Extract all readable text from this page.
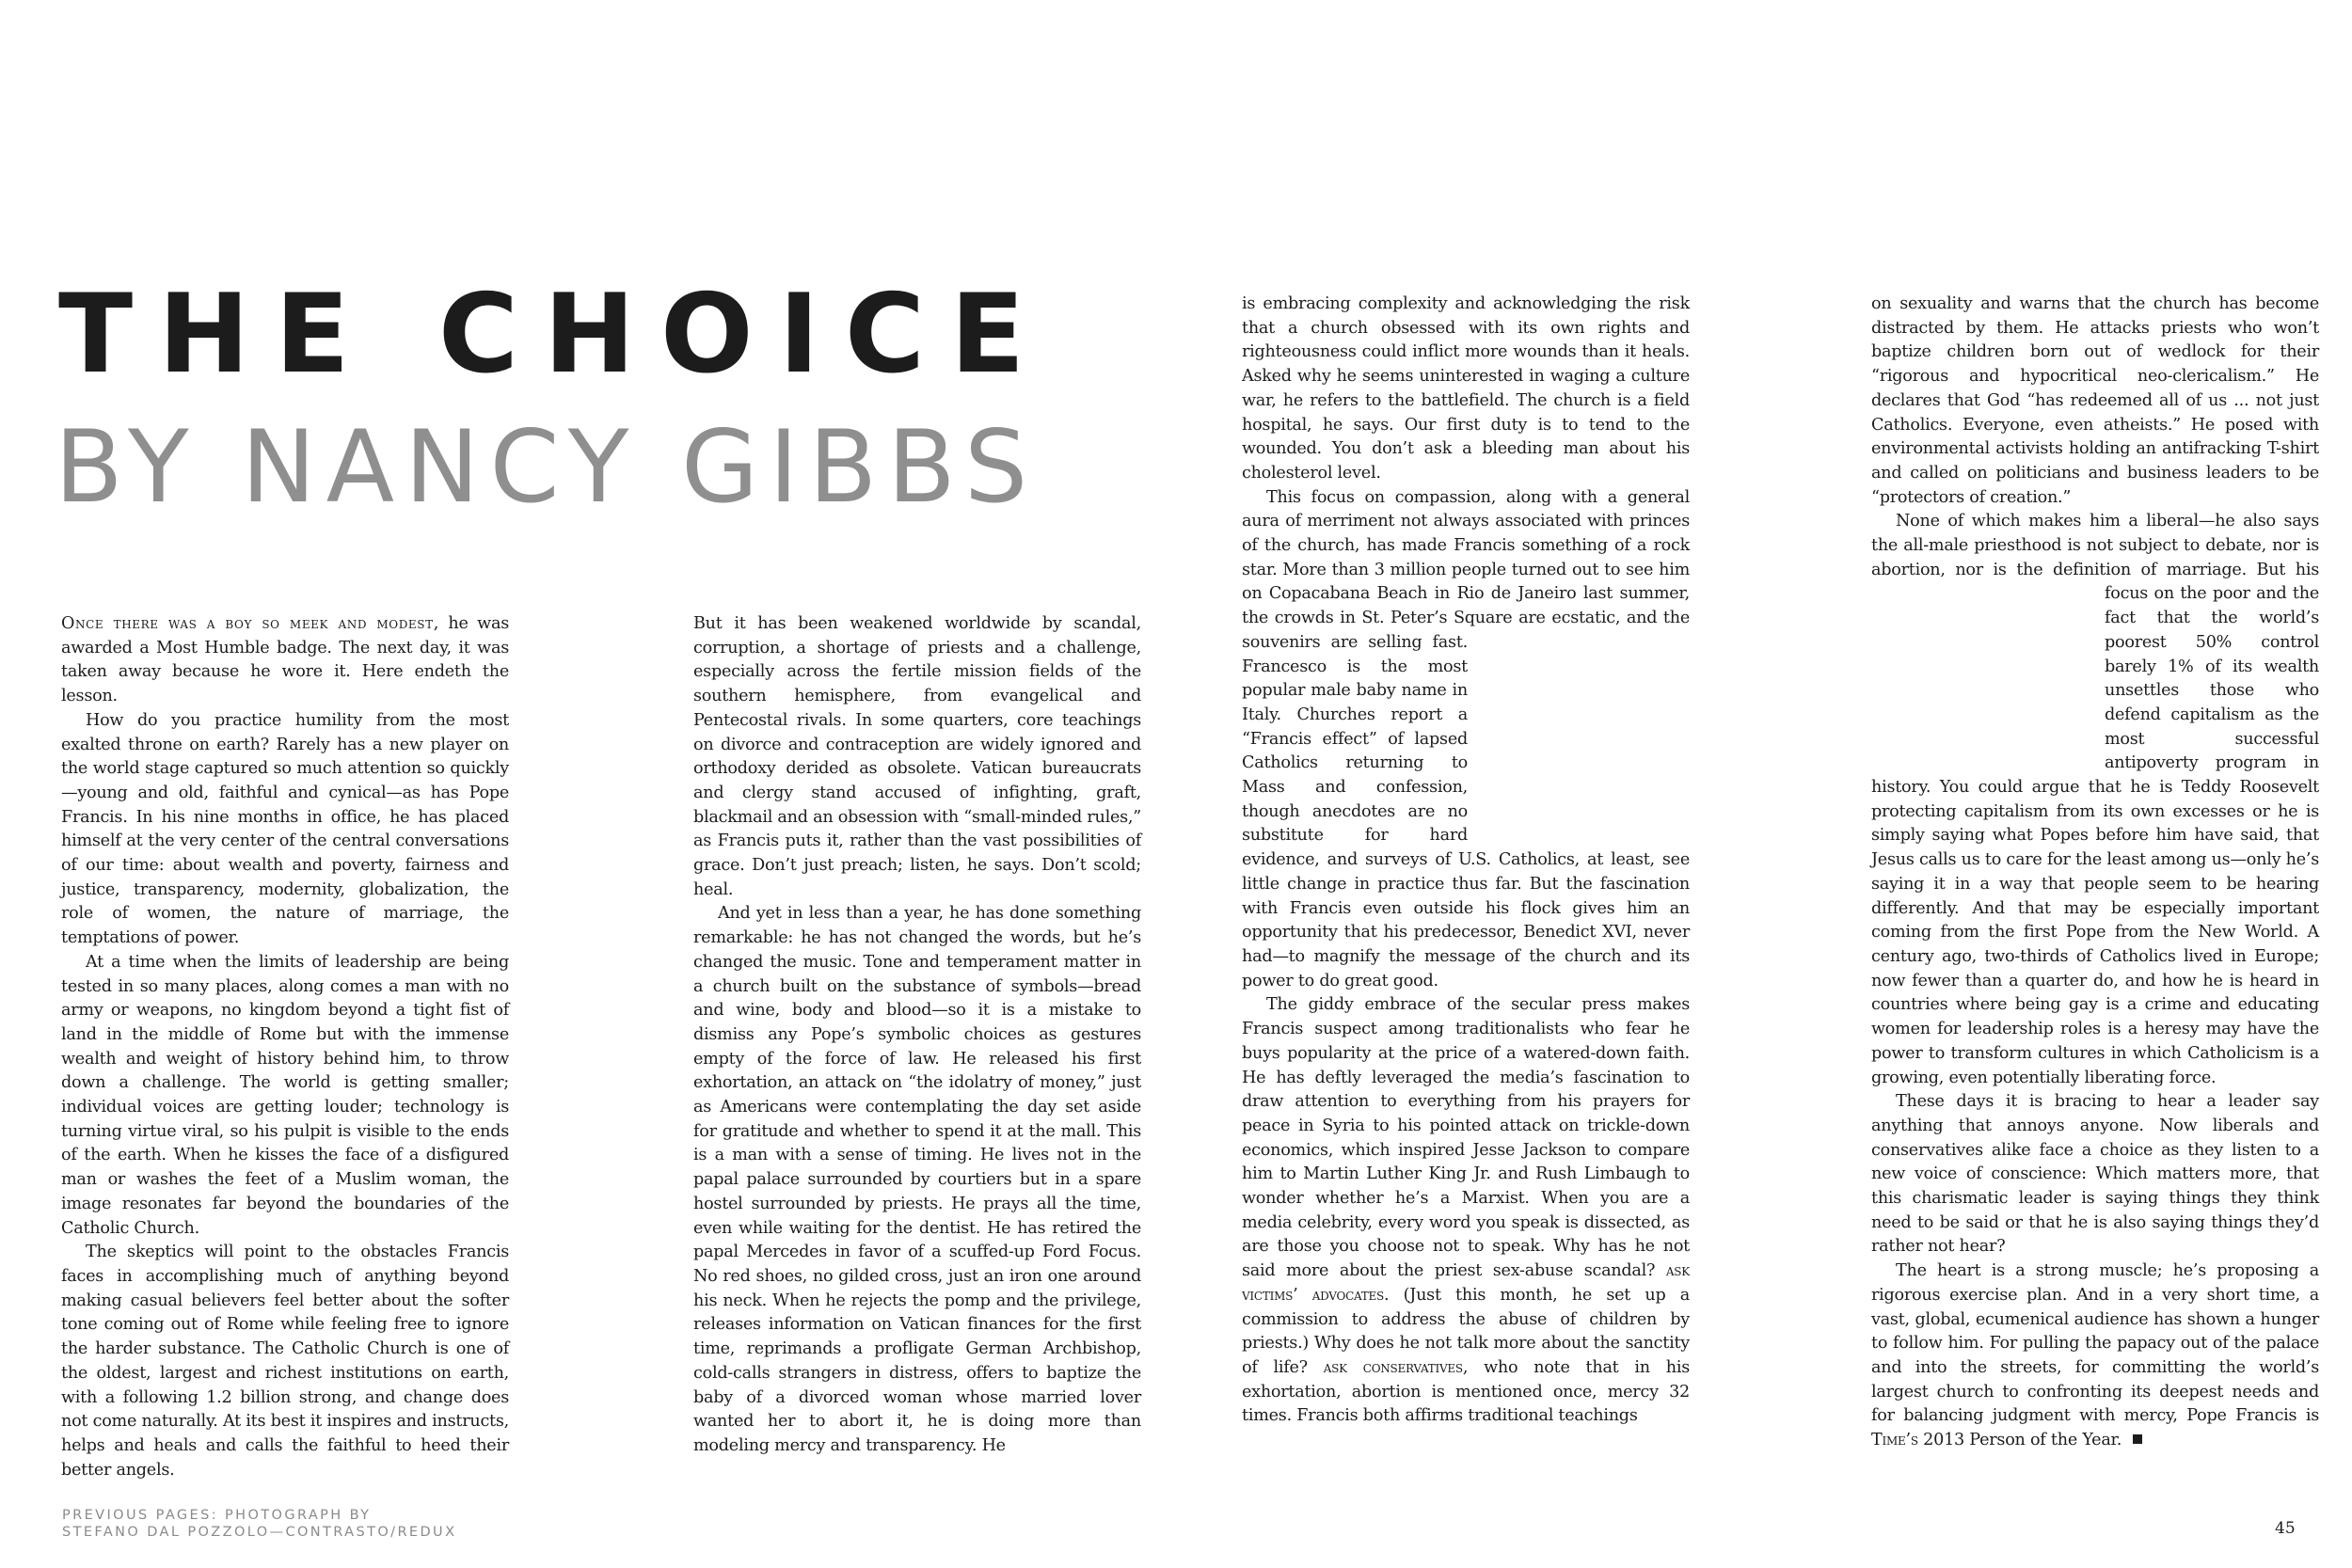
THE CHOICE
BY NANCY GIBBS

Once there was a boy so meek and modest, he was awarded a Most Humble badge. The next day, it was taken away because he wore it. Here endeth the lesson.

How do you practice humility from the most exalted throne on earth? Rarely has a new player on the world stage captured so much attention so quickly—young and old, faithful and cynical—as has Pope Francis. In his nine months in office, he has placed himself at the very center of the central conversations of our time: about wealth and poverty, fairness and justice, transparency, modernity, globalization, the role of women, the nature of marriage, the temptations of power.

At a time when the limits of leadership are being tested in so many places, along comes a man with no army or weapons, no kingdom beyond a tight fist of land in the middle of Rome but with the immense wealth and weight of history behind him, to throw down a challenge. The world is getting smaller; individual voices are getting louder; technology is turning virtue viral, so his pulpit is visible to the ends of the earth. When he kisses the face of a disfigured man or washes the feet of a Muslim woman, the image resonates far beyond the boundaries of the Catholic Church.

The skeptics will point to the obstacles Francis faces in accomplishing much of anything beyond making casual believers feel better about the softer tone coming out of Rome while feeling free to ignore the harder substance. The Catholic Church is one of the oldest, largest and richest institutions on earth, with a following 1.2 billion strong, and change does not come naturally. At its best it inspires and instructs, helps and heals and calls the faithful to heed their better angels.

But it has been weakened worldwide by scandal, corruption, a shortage of priests and a challenge, especially across the fertile mission fields of the southern hemisphere, from evangelical and Pentecostal rivals. In some quarters, core teachings on divorce and contraception are widely ignored and orthodoxy derided as obsolete. Vatican bureaucrats and clergy stand accused of infighting, graft, blackmail and an obsession with “small-minded rules,” as Francis puts it, rather than the vast possibilities of grace. Don’t just preach; listen, he says. Don’t scold; heal.

And yet in less than a year, he has done something remarkable: he has not changed the words, but he’s changed the music. Tone and temperament matter in a church built on the substance of symbols—bread and wine, body and blood—so it is a mistake to dismiss any Pope’s symbolic choices as gestures empty of the force of law. He released his first exhortation, an attack on “the idolatry of money,” just as Americans were contemplating the day set aside for gratitude and whether to spend it at the mall. This is a man with a sense of timing. He lives not in the papal palace surrounded by courtiers but in a spare hostel surrounded by priests. He prays all the time, even while waiting for the dentist. He has retired the papal Mercedes in favor of a scuffed-up Ford Focus. No red shoes, no gilded cross, just an iron one around his neck. When he rejects the pomp and the privilege, releases information on Vatican finances for the first time, reprimands a profligate German Archbishop, cold-calls strangers in distress, offers to baptize the baby of a divorced woman whose married lover wanted her to abort it, he is doing more than modeling mercy and transparency. He

is embracing complexity and acknowledging the risk that a church obsessed with its own rights and righteousness could inflict more wounds than it heals. Asked why he seems uninterested in waging a culture war, he refers to the battlefield. The church is a field hospital, he says. Our first duty is to tend to the wounded. You don’t ask a bleeding man about his cholesterol level.

This focus on compassion, along with a general aura of merriment not always associated with princes of the church, has made Francis something of a rock star. More than 3 million people turned out to see him on Copacabana Beach in Rio de Janeiro last summer, the crowds in St. Peter’s Square are ecstatic, and the souvenirs are selling fast. Francesco is the most popular male baby name in Italy. Churches report a “Francis effect” of lapsed Catholics returning to Mass and confession, though anecdotes are no substitute for hard evidence, and surveys of U.S. Catholics, at least, see little change in practice thus far. But the fascination with Francis even outside his flock gives him an opportunity that his predecessor, Benedict XVI, never had—to magnify the message of the church and its power to do great good.

The giddy embrace of the secular press makes Francis suspect among traditionalists who fear he buys popularity at the price of a watered-down faith. He has deftly leveraged the media’s fascination to draw attention to everything from his prayers for peace in Syria to his pointed attack on trickle-down economics, which inspired Jesse Jackson to compare him to Martin Luther King Jr. and Rush Limbaugh to wonder whether he’s a Marxist. When you are a media celebrity, every word you speak is dissected, as are those you choose not to speak. Why has he not said more about the priest sex-abuse scandal? ask victims’ advocates. (Just this month, he set up a commission to address the abuse of children by priests.) Why does he not talk more about the sanctity of life? ask conservatives, who note that in his exhortation, abortion is mentioned once, mercy 32 times. Francis both affirms traditional teachings

on sexuality and warns that the church has become distracted by them. He attacks priests who won’t baptize children born out of wedlock for their “rigorous and hypocritical neo-clericalism.” He declares that God “has redeemed all of us ... not just Catholics. Everyone, even atheists.” He posed with environmental activists holding an antifracking T-shirt and called on politicians and business leaders to be “protectors of creation.”

None of which makes him a liberal—he also says the all-male priesthood is not subject to debate, nor is abortion, nor is the definition of marriage. But his focus on the poor and the fact that the world’s poorest 50% control barely 1% of its wealth unsettles those who defend capitalism as the most successful antipoverty program in history. You could argue that he is Teddy Roosevelt protecting capitalism from its own excesses or he is simply saying what Popes before him have said, that Jesus calls us to care for the least among us—only he’s saying it in a way that people seem to be hearing differently. And that may be especially important coming from the first Pope from the New World. A century ago, two-thirds of Catholics lived in Europe; now fewer than a quarter do, and how he is heard in countries where being gay is a crime and educating women for leadership roles is a heresy may have the power to transform cultures in which Catholicism is a growing, even potentially liberating force.

These days it is bracing to hear a leader say anything that annoys anyone. Now liberals and conservatives alike face a choice as they listen to a new voice of conscience: Which matters more, that this charismatic leader is saying things they think need to be said or that he is also saying things they’d rather not hear?

The heart is a strong muscle; he’s proposing a rigorous exercise plan. And in a very short time, a vast, global, ecumenical audience has shown a hunger to follow him. For pulling the papacy out of the palace and into the streets, for committing the world’s largest church to confronting its deepest needs and for balancing judgment with mercy, Pope Francis is Time’s 2013 Person of the Year.

PREVIOUS PAGES: PHOTOGRAPH BY
STEFANO DAL POZZOLO—CONTRASTO/REDUX	45
